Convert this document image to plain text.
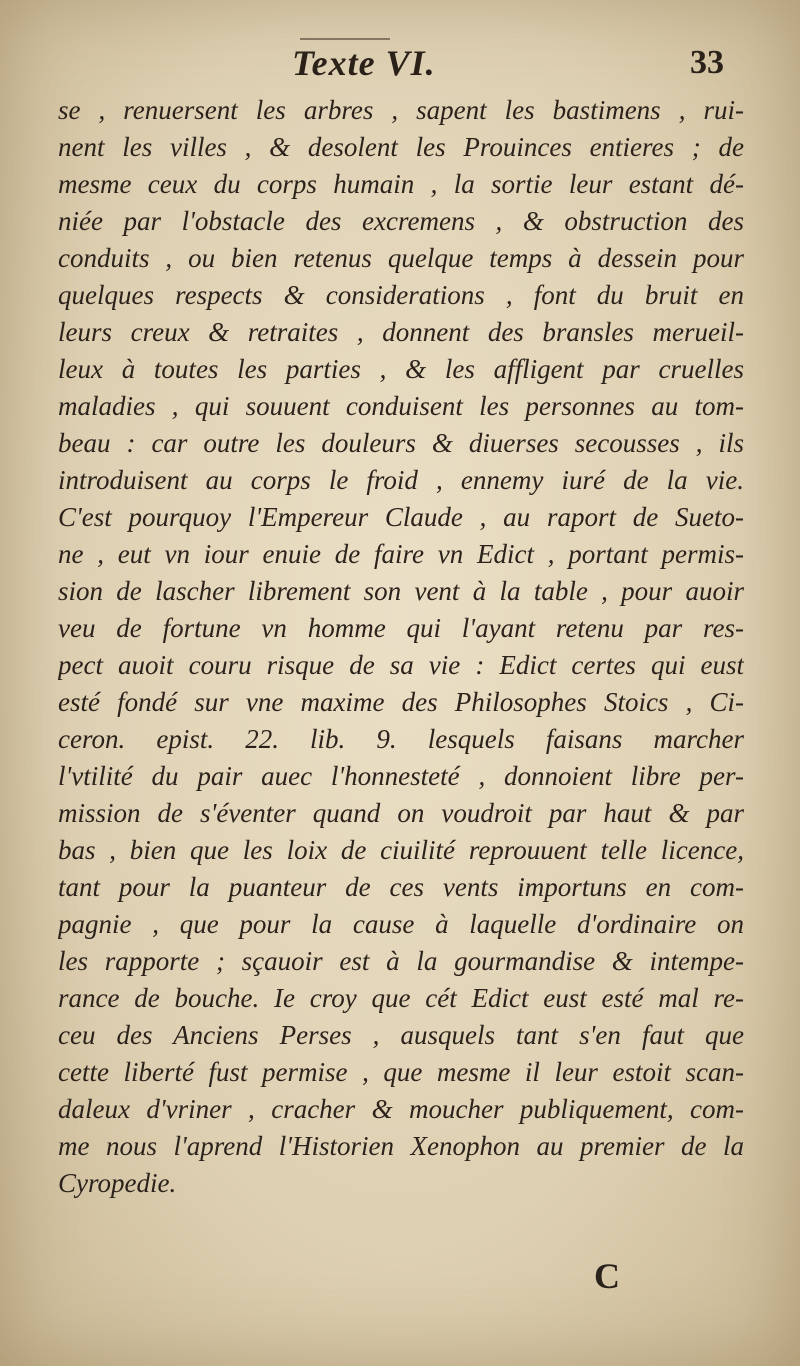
Texte VI.	33
se , renuersent les arbres , sapent les bastimens , rui-
nent les villes , & desolent les Prouinces entieres ; de
mesme ceux du corps humain , la sortie leur estant dé-
niée par l'obstacle des excremens , & obstruction des
conduits , ou bien retenus quelque temps à dessein pour
quelques respects & considerations , font du bruit en
leurs creux & retraites , donnent des bransles merueil-
leux à toutes les parties , & les affligent par cruelles
maladies , qui souuent conduisent les personnes au tom-
beau : car outre les douleurs & diuerses secousses , ils
introduisent au corps le froid , ennemy iuré de la vie.
C'est pourquoy l'Empereur Claude , au raport de Sueto-
ne , eut vn iour enuie de faire vn Edict , portant permis-
sion de lascher librement son vent à la table , pour auoir
veu de fortune vn homme qui l'ayant retenu par res-
pect auoit couru risque de sa vie : Edict certes qui eust
esté fondé sur vne maxime des Philosophes Stoics , Ci-
ceron. epist. 22. lib. 9. lesquels faisans marcher
l'vtilité du pair auec l'honnesteté , donnoient libre per-
mission de s'éventer quand on voudroit par haut & par
bas , bien que les loix de ciuilité reprouuent telle licence,
tant pour la puanteur de ces vents importuns en com-
pagnie , que pour la cause à laquelle d'ordinaire on
les rapporte ; sçauoir est à la gourmandise & intempe-
rance de bouche. Ie croy que cét Edict eust esté mal re-
ceu des Anciens Perses , ausquels tant s'en faut que
cette liberté fust permise , que mesme il leur estoit scan-
daleux d'vriner , cracher & moucher publiquement, com-
me nous l'aprend l'Historien Xenophon au premier de la
Cyropedie.
C
